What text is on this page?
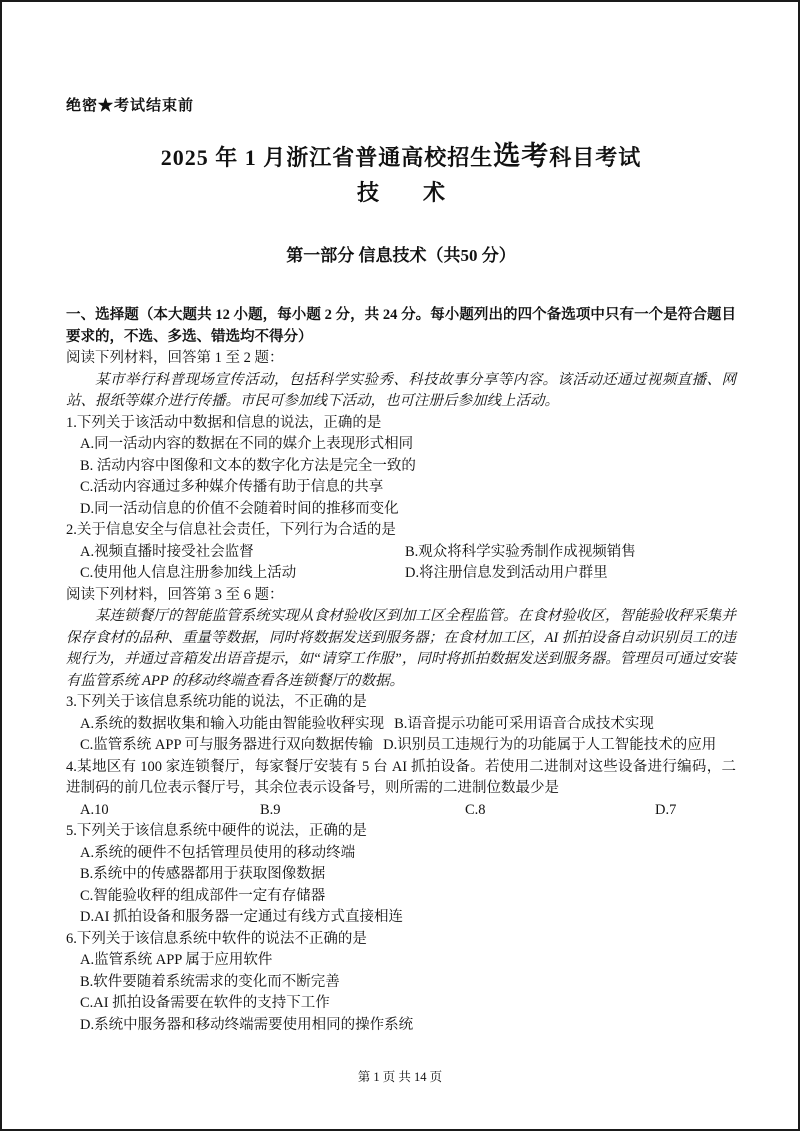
绝密★考试结束前
2025 年 1 月浙江省普通高校招生选考科目考试
技　　术
第一部分 信息技术（共50 分）
一、选择题（本大题共 12 小题，每小题 2 分，共 24 分。每小题列出的四个备选项中只有一个是符合题目要求的，不选、多选、错选均不得分）
阅读下列材料，回答第 1 至 2 题：
某市举行科普现场宣传活动，包括科学实验秀、科技故事分享等内容。该活动还通过视频直播、网站、报纸等媒介进行传播。市民可参加线下活动，也可注册后参加线上活动。
1.下列关于该活动中数据和信息的说法，正确的是
A.同一活动内容的数据在不同的媒介上表现形式相同
B. 活动内容中图像和文本的数字化方法是完全一致的
C.活动内容通过多种媒介传播有助于信息的共享
D.同一活动信息的价值不会随着时间的推移而变化
2.关于信息安全与信息社会责任，下列行为合适的是
A.视频直播时接受社会监督	B.观众将科学实验秀制作成视频销售
C.使用他人信息注册参加线上活动	D.将注册信息发到活动用户群里
阅读下列材料，回答第 3 至 6 题：
某连锁餐厅的智能监管系统实现从食材验收区到加工区全程监管。在食材验收区，智能验收秤采集并保存食材的品种、重量等数据，同时将数据发送到服务器；在食材加工区，AI 抓拍设备自动识别员工的违规行为，并通过音箱发出语音提示，如“请穿工作服”，同时将抓拍数据发送到服务器。管理员可通过安装有监管系统 APP 的移动终端查看各连锁餐厅的数据。
3.下列关于该信息系统功能的说法，不正确的是
A.系统的数据收集和输入功能由智能验收秤实现 B.语音提示功能可采用语音合成技术实现
C.监管系统 APP 可与服务器进行双向数据传输 D.识别员工违规行为的功能属于人工智能技术的应用
4.某地区有 100 家连锁餐厅，每家餐厅安装有 5 台 AI 抓拍设备。若使用二进制对这些设备进行编码，二进制码的前几位表示餐厅号，其余位表示设备号，则所需的二进制位数最少是
A.10	B.9	C.8	D.7
5.下列关于该信息系统中硬件的说法，正确的是
A.系统的硬件不包括管理员使用的移动终端
B.系统中的传感器都用于获取图像数据
C.智能验收秤的组成部件一定有存储器
D.AI 抓拍设备和服务器一定通过有线方式直接相连
6.下列关于该信息系统中软件的说法不正确的是
A.监管系统 APP 属于应用软件
B.软件要随着系统需求的变化而不断完善
C.AI 抓拍设备需要在软件的支持下工作
D.系统中服务器和移动终端需要使用相同的操作系统
第 1 页 共 14 页
